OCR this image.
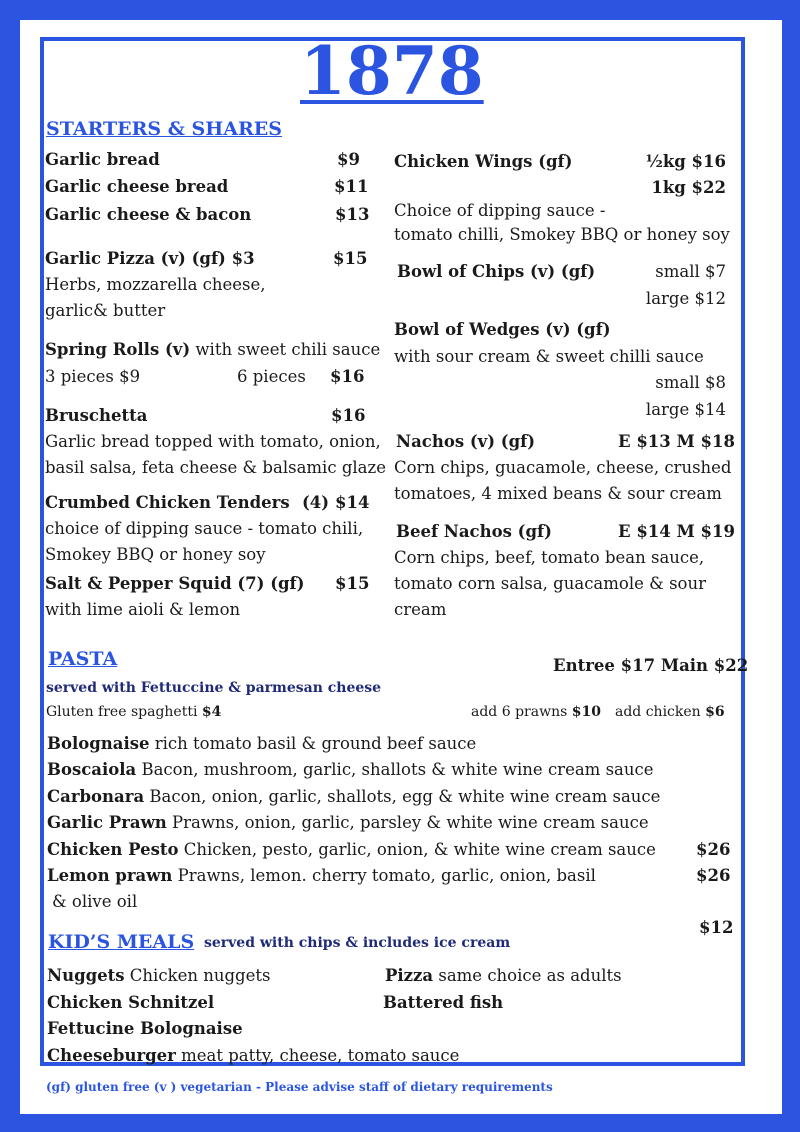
1878
STARTERS & SHARES
Garlic bread	$9
Garlic cheese bread	$11
Garlic cheese & bacon	$13
Garlic Pizza (v) (gf) $3	$15
Herbs, mozzarella cheese,
garlic& butter
Spring Rolls (v) with sweet chili sauce
3 pieces $9	6 pieces $16
Bruschetta	$16
Garlic bread topped with tomato, onion,
basil salsa, feta cheese & balsamic glaze
Crumbed Chicken Tenders (4) $14
choice of dipping sauce - tomato chili,
Smokey BBQ or honey soy
Salt & Pepper Squid (7) (gf) $15
with lime aioli & lemon
Chicken Wings (gf)	½kg $16
1kg $22
Choice of dipping sauce -
tomato chilli, Smokey BBQ or honey soy
Bowl of Chips (v) (gf)	small $7
large $12
Bowl of Wedges (v) (gf)
with sour cream & sweet chilli sauce
small $8
large $14
Nachos (v) (gf)	E $13 M $18
Corn chips, guacamole, cheese, crushed
tomatoes, 4 mixed beans & sour cream
Beef Nachos (gf)	E $14 M $19
Corn chips, beef, tomato bean sauce,
tomato corn salsa, guacamole & sour
cream
PASTA	Entree $17 Main $22
served with Fettuccine & parmesan cheese
Gluten free spaghetti $4	add 6 prawns $10 add chicken $6
Bolognaise rich tomato basil & ground beef sauce
Boscaiola Bacon, mushroom, garlic, shallots & white wine cream sauce
Carbonara Bacon, onion, garlic, shallots, egg & white wine cream sauce
Garlic Prawn Prawns, onion, garlic, parsley & white wine cream sauce
Chicken Pesto Chicken, pesto, garlic, onion, & white wine cream sauce $26
Lemon prawn Prawns, lemon. cherry tomato, garlic, onion, basil	$26
& olive oil
KID’S MEALS served with chips & includes ice cream
$12
Nuggets Chicken nuggets	Pizza same choice as adults
Chicken Schnitzel	Battered fish
Fettucine Bolognaise
Cheeseburger meat patty, cheese, tomato sauce
(gf) gluten free (v ) vegetarian - Please advise staff of dietary requirements
